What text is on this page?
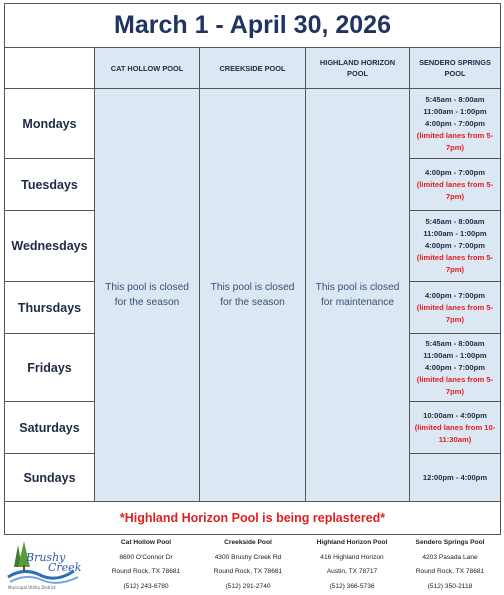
March 1 - April 30, 2026
CAT HOLLOW POOL	CREEKSIDE POOL
HIGHLAND HORIZON POOL
SENDERO SPRINGS POOL
Mondays
Tuesdays
Wednesdays
Thursdays
Fridays
Saturdays
Sundays
This pool is closed for the season
This pool is closed for the season
This pool is closed for maintenance
5:45am - 8:00am
11:00am - 1:00pm
4:00pm - 7:00pm
(limited lanes from 5-7pm)
4:00pm - 7:00pm
(limited lanes from 5-7pm)
5:45am - 8:00am
11:00am - 1:00pm
4:00pm - 7:00pm
(limited lanes from 5-7pm)
4:00pm - 7:00pm
(limited lanes from 5-7pm)
5:45am - 8:00am
11:00am - 1:00pm
4:00pm - 7:00pm
(limited lanes from 5-7pm)
10:00am - 4:00pm
(limited lanes from 10-11:30am)
12:00pm - 4:00pm
*Highland Horizon Pool is being replastered*
Brushy
Creek
Municipal Utility District
Cat Hollow Pool
8600 O'Connor Dr
Round Rock, TX 78681
(512) 243-6780
Creekside Pool
4300 Brushy Creek Rd
Round Rock, TX 78681
(512) 291-2740
Highland Horizon Pool
416 Highland Horizon
Austin, TX 78717
(512) 366-5736
Sendero Springs Pool
4203 Pasada Lane
Round Rock, TX 78681
(512) 350-2118
